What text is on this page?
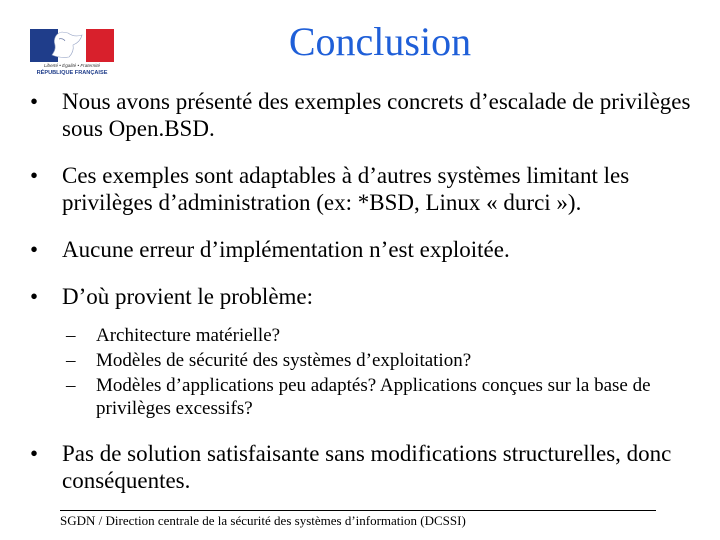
Liberté • Égalité • Fraternité
RÉPUBLIQUE FRANÇAISE
Conclusion
• Nous avons présenté des exemples concrets d’escalade de privilèges sous Open.BSD.
• Ces exemples sont adaptables à d’autres systèmes limitant les privilèges d’administration (ex: *BSD, Linux « durci »).
• Aucune erreur d’implémentation n’est exploitée.
• D’où provient le problème:
– Architecture matérielle?
– Modèles de sécurité des systèmes d’exploitation?
– Modèles d’applications peu adaptés? Applications conçues sur la base de privilèges excessifs?
• Pas de solution satisfaisante sans modifications structurelles, donc conséquentes.
SGDN / Direction centrale de la sécurité des systèmes d’information (DCSSI)
